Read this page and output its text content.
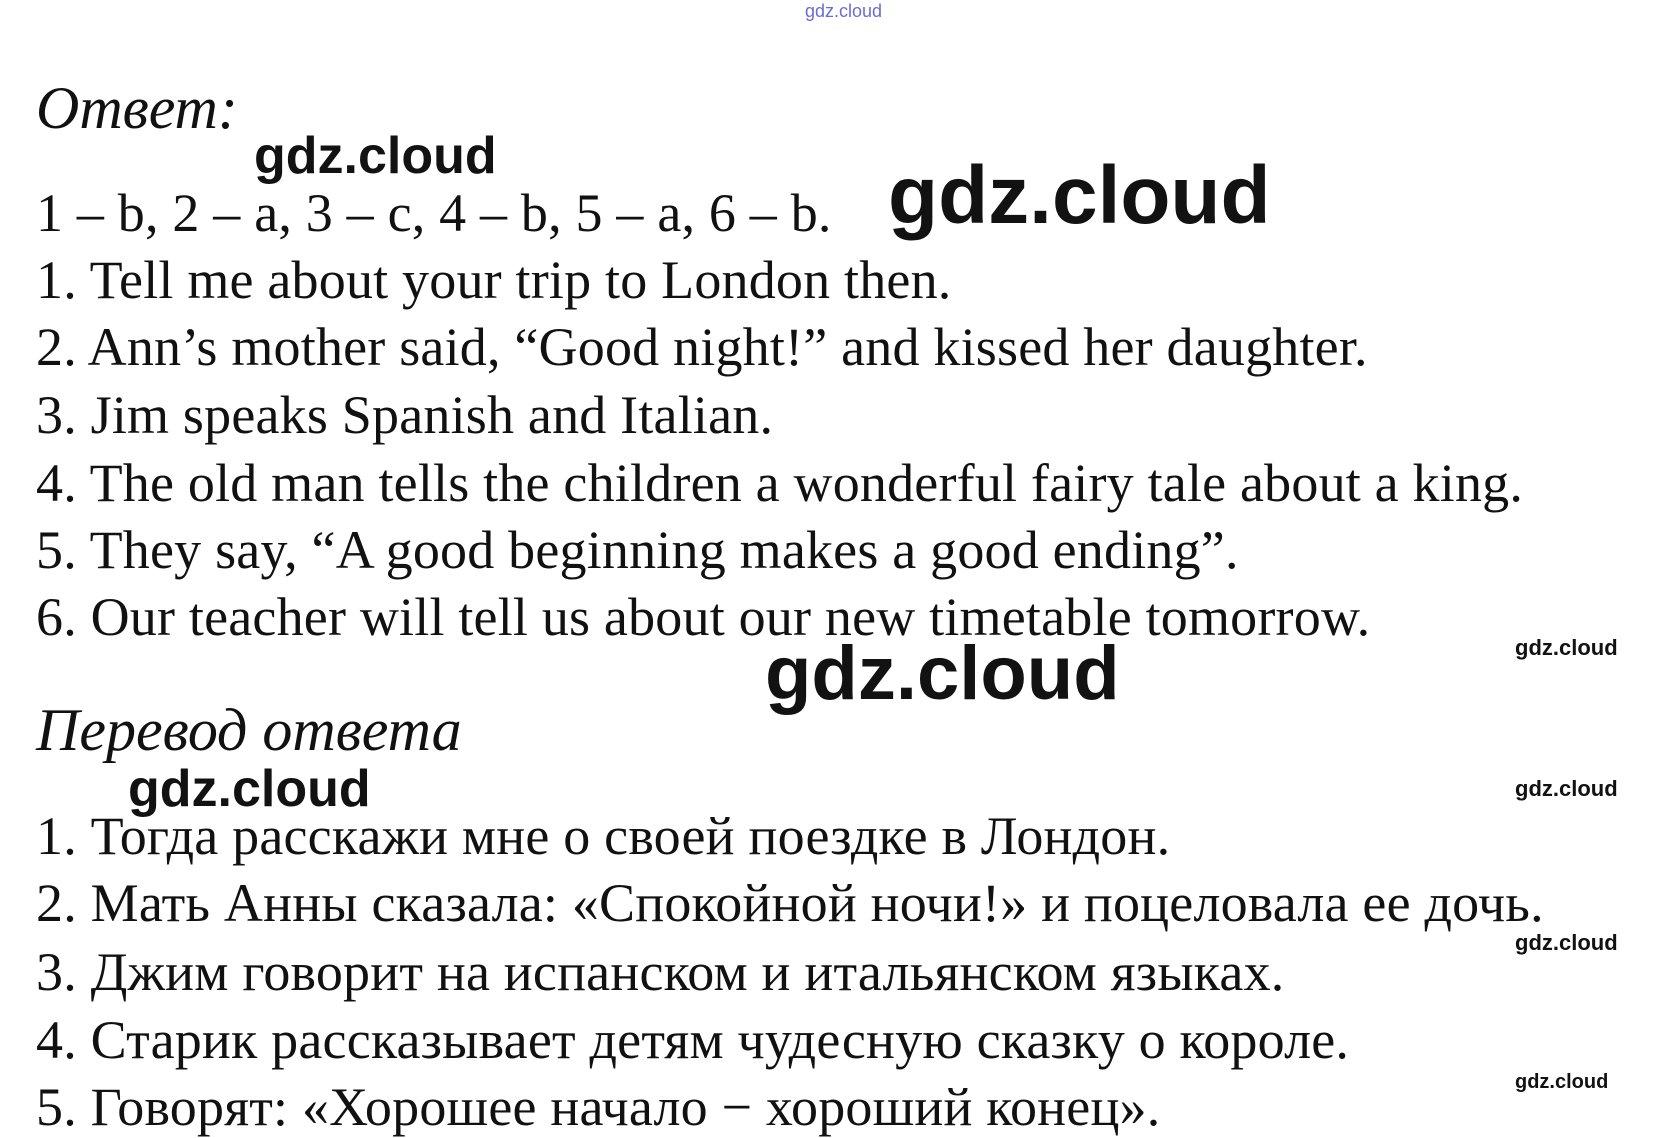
gdz.cloud
Ответ:
gdz.cloud
1 – b, 2 – a, 3 – c, 4 – b, 5 – a, 6 – b. gdz.cloud
1. Tell me about your trip to London then.
2. Ann’s mother said, “Good night!” and kissed her daughter.
3. Jim speaks Spanish and Italian.
4. The old man tells the children a wonderful fairy tale about a king.
5. They say, “A good beginning makes a good ending”.
6. Our teacher will tell us about our new timetable tomorrow.
gdz.cloud
gdz.cloud
Перевод ответа
gdz.cloud	gdz.cloud
1. Тогда расскажи мне о своей поездке в Лондон.
2. Мать Анны сказала: «Спокойной ночи!» и поцеловала ее дочь.
gdz.cloud
3. Джим говорит на испанском и итальянском языках.
4. Старик рассказывает детям чудесную сказку о короле.
gdz.cloud
5. Говорят: «Хорошее начало − хороший конец».
